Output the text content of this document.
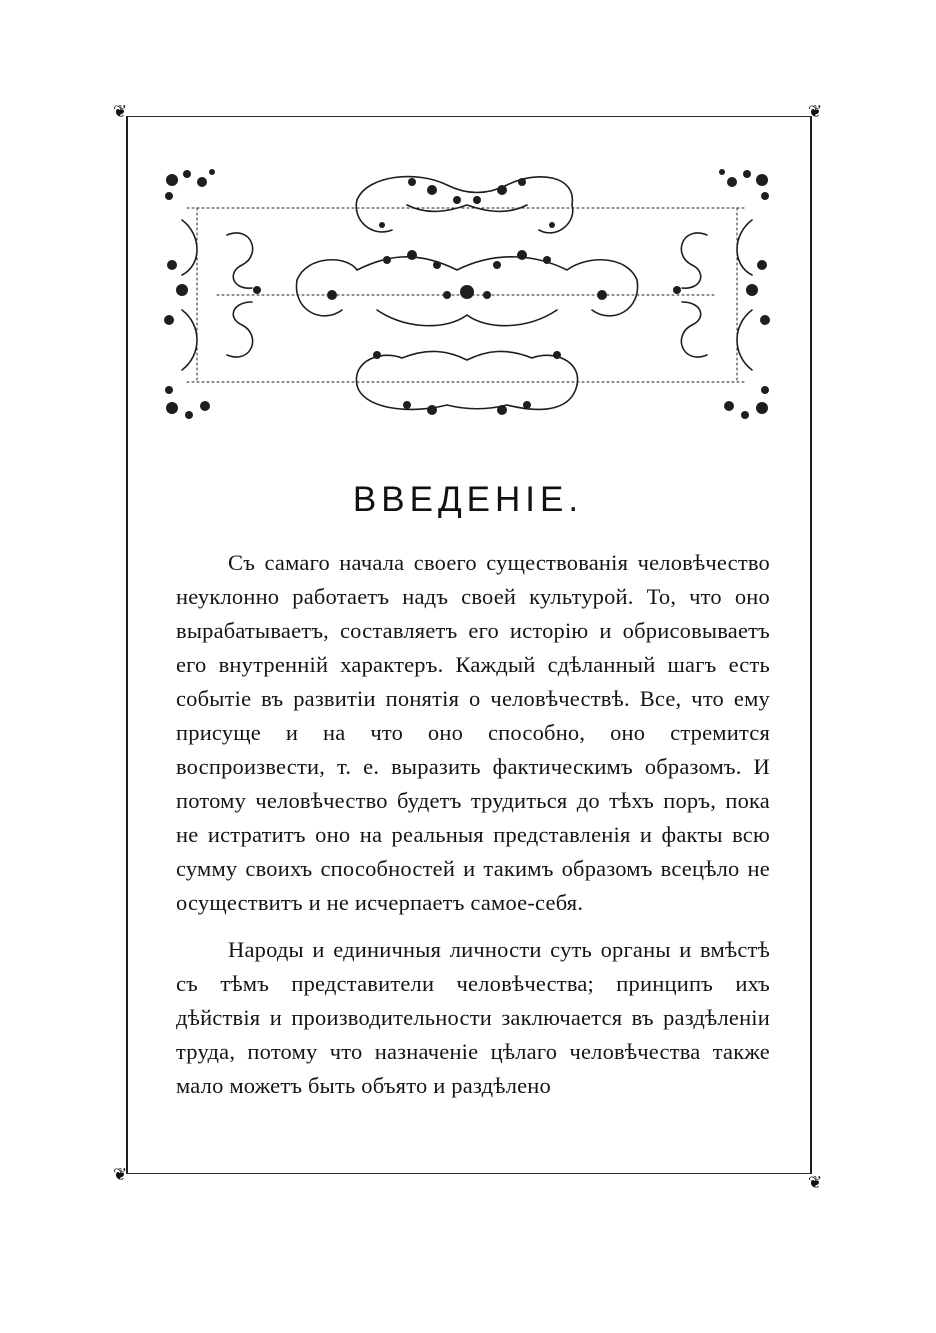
❦	❦
❦	❦
ВВЕДЕНIЕ.

Съ самаго начала своего существованія человѣчество неуклонно работаетъ надъ своей культурой. То, что оно вырабатываетъ, составляетъ его исторію и обрисовываетъ его внутренній характеръ. Каждый сдѣланный шагъ есть событіе въ развитіи понятія о человѣчествѣ. Все, что ему присуще и на что оно способно, оно стремится воспроизвести, т. е. выразить фактическимъ образомъ. И потому человѣчество будетъ трудиться до тѣхъ поръ, пока не истратитъ оно на реальныя представленія и факты всю сумму своихъ способностей и такимъ образомъ всецѣло не осуществитъ и не исчерпаетъ самое-себя.

Народы и единичныя личности суть органы и вмѣстѣ съ тѣмъ представители человѣчества; принципъ ихъ дѣйствія и производительности заключается въ раздѣленіи труда, потому что назначеніе цѣлаго человѣчества также мало можетъ быть объято и раздѣлено
